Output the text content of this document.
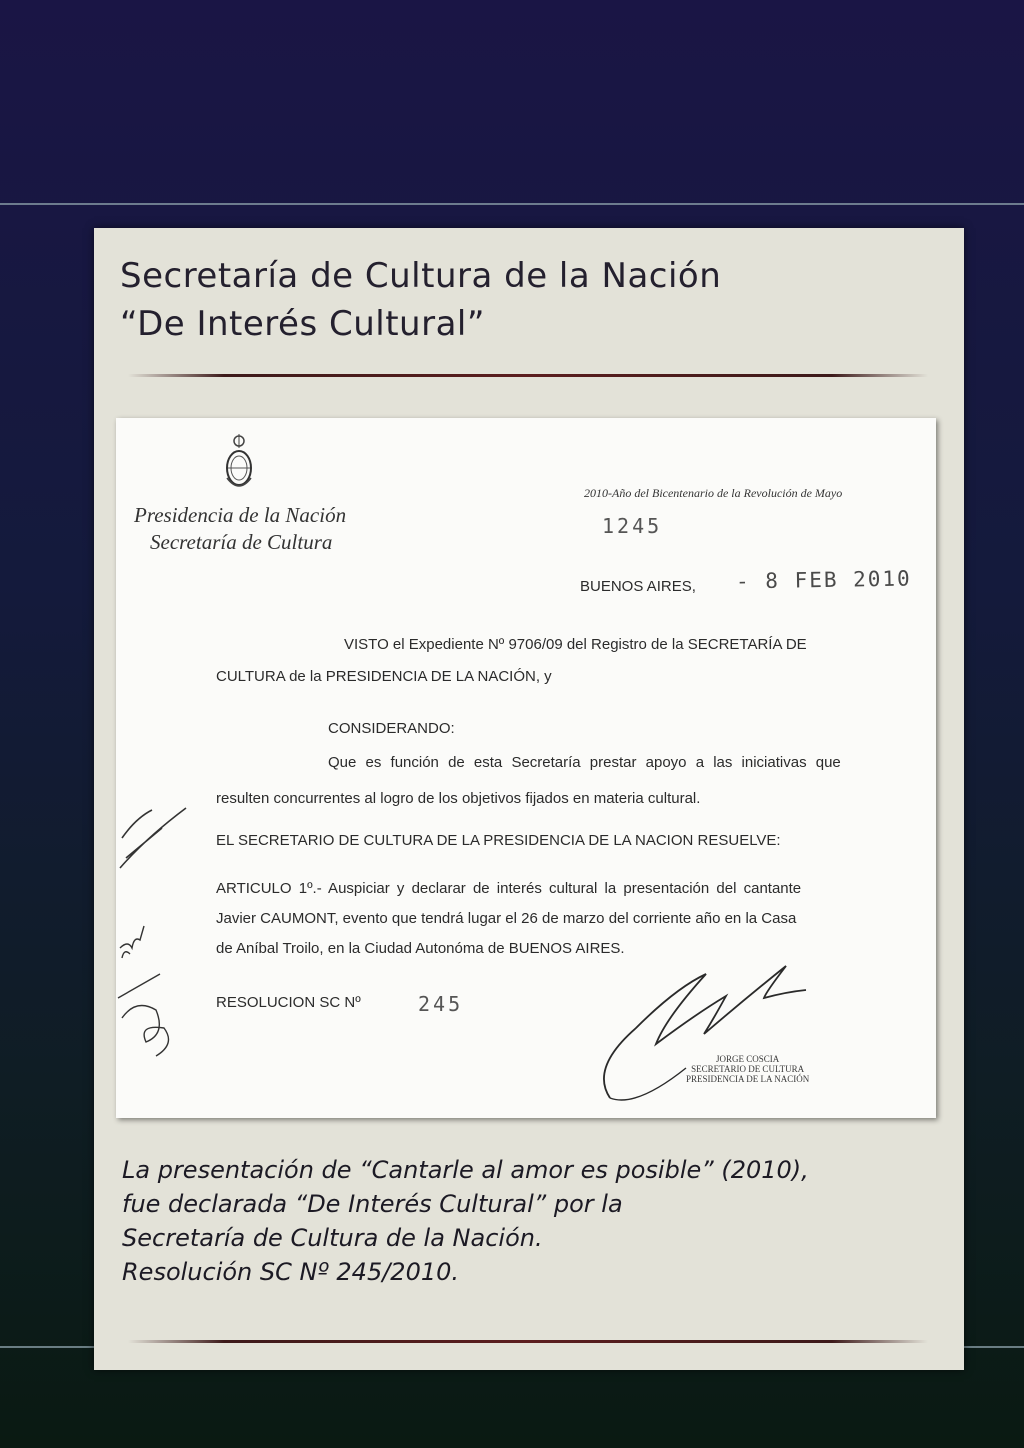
Secretaría de Cultura de la Nación
“De Interés Cultural”
Presidencia de la Nación
Secretaría de Cultura
2010-Año del Bicentenario de la Revolución de Mayo
1245
BUENOS AIRES, - 8 FEB 2010
VISTO el Expediente Nº 9706/09 del Registro de la SECRETARÍA DE
CULTURA de la PRESIDENCIA DE LA NACIÓN, y
CONSIDERANDO:
Que es función de esta Secretaría prestar apoyo a las iniciativas que
resulten concurrentes al logro de los objetivos fijados en materia cultural.
EL SECRETARIO DE CULTURA DE LA PRESIDENCIA DE LA NACION RESUELVE:
ARTICULO 1º.- Auspiciar y declarar de interés cultural la presentación del cantante
Javier CAUMONT, evento que tendrá lugar el 26 de marzo del corriente año en la Casa
de Aníbal Troilo, en la Ciudad Autonóma de BUENOS AIRES.
RESOLUCION SC Nº	245
JORGE COSCIA
SECRETARIO DE CULTURA
PRESIDENCIA DE LA NACIÓN
La presentación de “Cantarle al amor es posible” (2010),
fue declarada “De Interés Cultural” por la
Secretaría de Cultura de la Nación.
Resolución SC Nº 245/2010.
